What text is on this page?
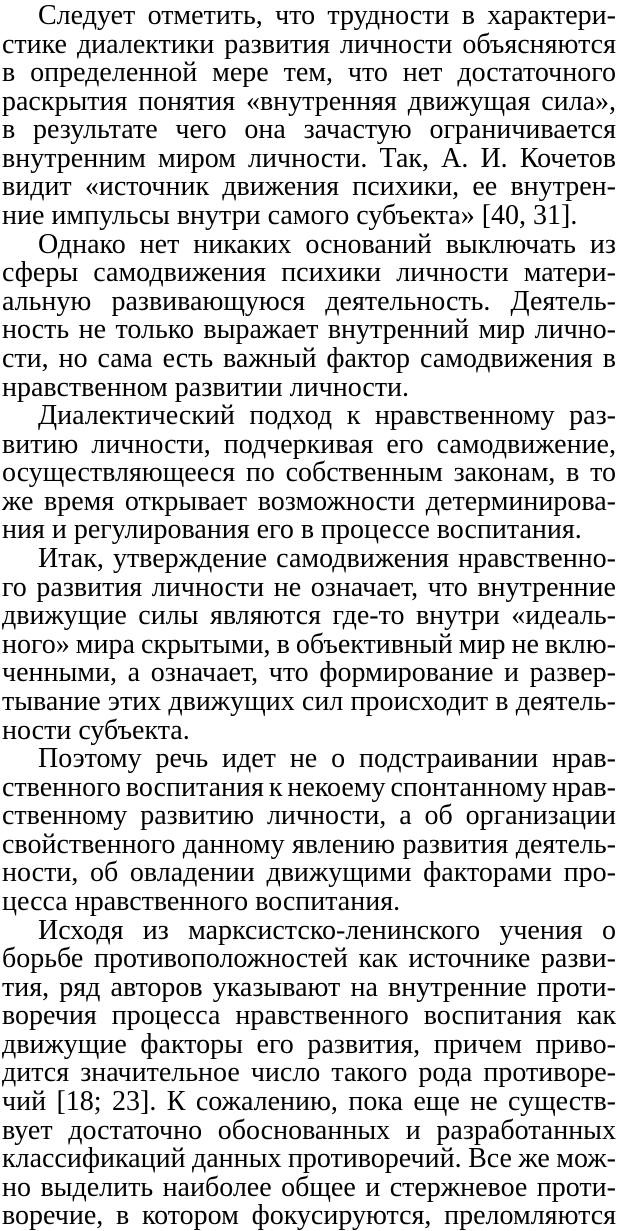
Следует отметить, что трудности в характери-
стике диалектики развития личности объясняются
в определенной мере тем, что нет достаточного
раскрытия понятия «внутренняя движущая сила»,
в результате чего она зачастую ограничивается
внутренним миром личности. Так, А. И. Кочетов
видит «источник движения психики, ее внутрен-
ние импульсы внутри самого субъекта» [40, 31].
Однако нет никаких оснований выключать из
сферы самодвижения психики личности матери-
альную развивающуюся деятельность. Деятель-
ность не только выражает внутренний мир лично-
сти, но сама есть важный фактор самодвижения в
нравственном развитии личности.
Диалектический подход к нравственному раз-
витию личности, подчеркивая его самодвижение,
осуществляющееся по собственным законам, в то
же время открывает возможности детерминирова-
ния и регулирования его в процессе воспитания.
Итак, утверждение самодвижения нравственно-
го развития личности не означает, что внутренние
движущие силы являются где-то внутри «идеаль-
ного» мира скрытыми, в объективный мир не вклю-
ченными, а означает, что формирование и развер-
тывание этих движущих сил происходит в деятель-
ности субъекта.
Поэтому речь идет не о подстраивании нрав-
ственного воспитания к некоему спонтанному нрав-
ственному развитию личности, а об организации
свойственного данному явлению развития деятель-
ности, об овладении движущими факторами про-
цесса нравственного воспитания.
Исходя из марксистско-ленинского учения о
борьбе противоположностей как источнике разви-
тия, ряд авторов указывают на внутренние проти-
воречия процесса нравственного воспитания как
движущие факторы его развития, причем приво-
дится значительное число такого рода противоре-
чий [18; 23]. К сожалению, пока еще не существ-
вует достаточно обоснованных и разработанных
классификаций данных противоречий. Все же мож-
но выделить наиболее общее и стержневое проти-
воречие, в котором фокусируются, преломляются
